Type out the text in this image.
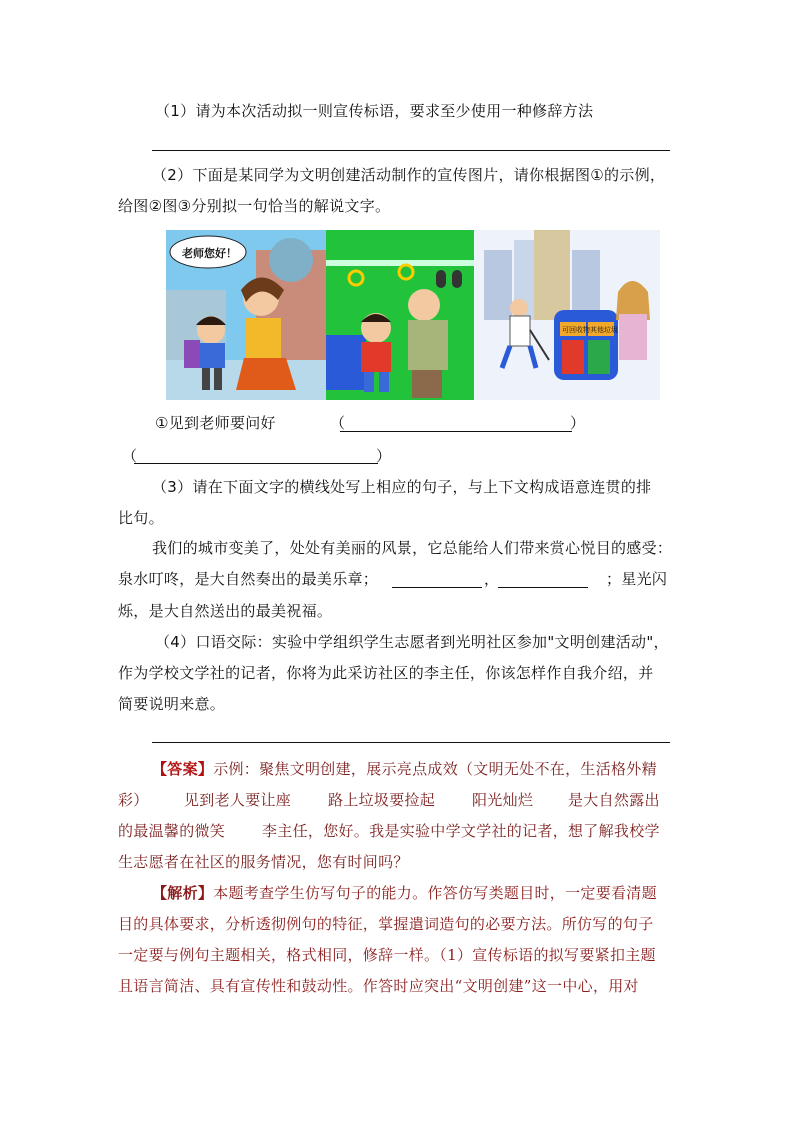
（1）请为本次活动拟一则宣传标语，要求至少使用一种修辞方法
（2）下面是某同学为文明创建活动制作的宣传图片，请你根据图①的示例，
给图②图③分别拟一句恰当的解说文字。
老师您好！
可回收物 其他垃圾
①见到老师要问好	（	）
（	）
（3）请在下面文字的横线处写上相应的句子，与上下文构成语意连贯的排
比句。
我们的城市变美了，处处有美丽的风景，它总能给人们带来赏心悦目的感受：
泉水叮咚，是大自然奏出的最美乐章；	，	；星光闪
烁，是大自然送出的最美祝福。
（4）口语交际：实验中学组织学生志愿者到光明社区参加"文明创建活动"，
作为学校文学社的记者，你将为此采访社区的李主任，你该怎样作自我介绍，并
简要说明来意。
【答案】示例：聚焦文明创建，展示亮点成效（文明无处不在，生活格外精
彩） 见到老人要让座 路上垃圾要捡起 阳光灿烂 是大自然露出
的最温馨的微笑 李主任，您好。我是实验中学文学社的记者，想了解我校学
生志愿者在社区的服务情况，您有时间吗？
【解析】本题考查学生仿写句子的能力。作答仿写类题目时，一定要看清题
目的具体要求，分析透彻例句的特征，掌握遣词造句的必要方法。所仿写的句子
一定要与例句主题相关，格式相同，修辞一样。（1）宣传标语的拟写要紧扣主题
且语言简洁、具有宣传性和鼓动性。作答时应突出“文明创建”这一中心，用对
